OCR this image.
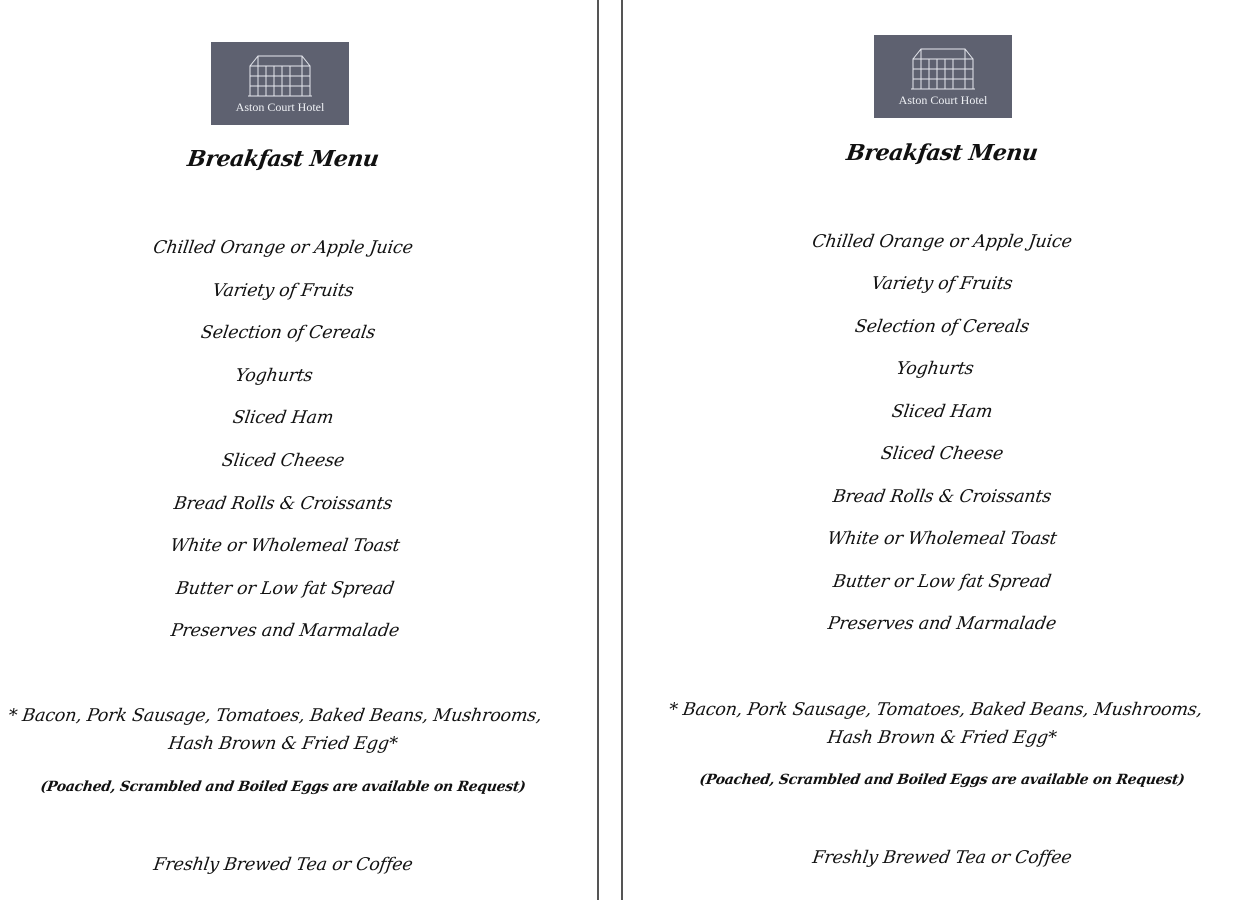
Aston Court Hotel
Breakfast Menu
Chilled Orange or Apple Juice
Variety of Fruits
Selection of Cereals
Yoghurts
Sliced Ham
Sliced Cheese
Bread Rolls & Croissants
White or Wholemeal Toast
Butter or Low fat Spread
Preserves and Marmalade
* Bacon, Pork Sausage, Tomatoes, Baked Beans, Mushrooms,
Hash Brown & Fried Egg*
(Poached, Scrambled and Boiled Eggs are available on Request)
Freshly Brewed Tea or Coffee
Aston Court Hotel
Breakfast Menu
Chilled Orange or Apple Juice
Variety of Fruits
Selection of Cereals
Yoghurts
Sliced Ham
Sliced Cheese
Bread Rolls & Croissants
White or Wholemeal Toast
Butter or Low fat Spread
Preserves and Marmalade
* Bacon, Pork Sausage, Tomatoes, Baked Beans, Mushrooms,
Hash Brown & Fried Egg*
(Poached, Scrambled and Boiled Eggs are available on Request)
Freshly Brewed Tea or Coffee
